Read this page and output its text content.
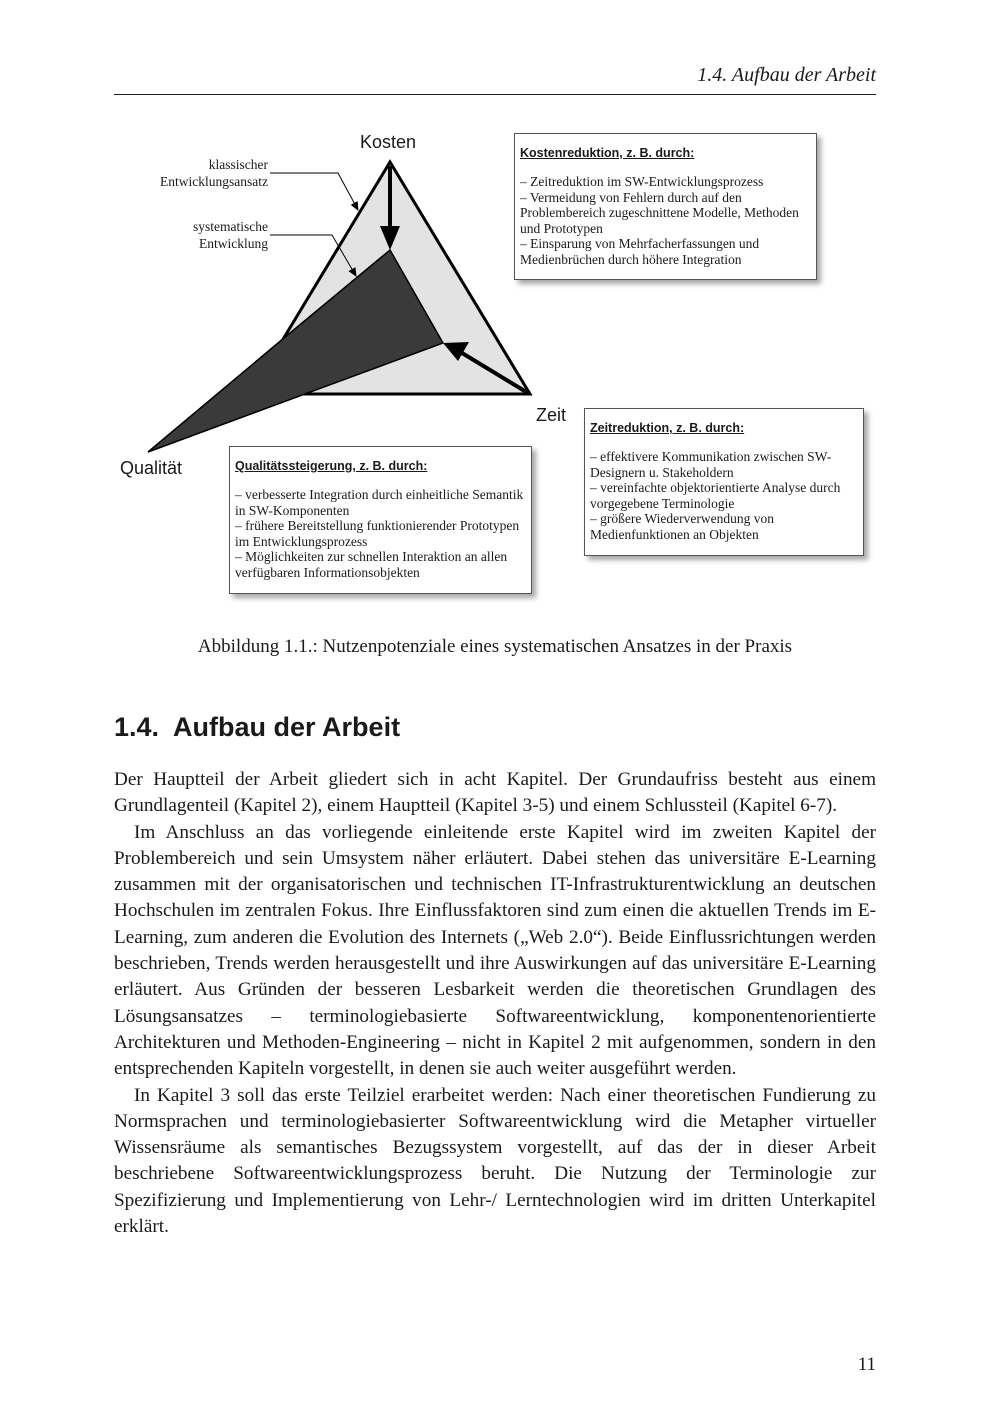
1.4. Aufbau der Arbeit
Kosten
Zeit
Qualität
klassischer
Entwicklungsansatz
systematische
Entwicklung
Kostenreduktion, z. B. durch:
– Zeitreduktion im SW-Entwicklungsprozess
– Vermeidung von Fehlern durch auf den Problembereich zugeschnittene Modelle, Methoden und Prototypen
– Einsparung von Mehrfacherfassungen und Medienbrüchen durch höhere Integration
Zeitreduktion, z. B. durch:
– effektivere Kommunikation zwischen SW-Designern u. Stakeholdern
– vereinfachte objektorientierte Analyse durch vorgegebene Terminologie
– größere Wiederverwendung von Medienfunktionen an Objekten
Qualitätssteigerung, z. B. durch:
– verbesserte Integration durch einheitliche Semantik in SW-Komponenten
– frühere Bereitstellung funktionierender Prototypen im Entwicklungsprozess
– Möglichkeiten zur schnellen Interaktion an allen verfügbaren Informationsobjekten
Abbildung 1.1.: Nutzenpotenziale eines systematischen Ansatzes in der Praxis
1.4. Aufbau der Arbeit

Der Hauptteil der Arbeit gliedert sich in acht Kapitel. Der Grundaufriss besteht aus einem Grundlagenteil (Kapitel 2), einem Hauptteil (Kapitel 3-5) und einem Schlussteil (Kapitel 6-7).

Im Anschluss an das vorliegende einleitende erste Kapitel wird im zweiten Kapitel der Problembereich und sein Umsystem näher erläutert. Dabei stehen das universitäre E-Learning zusammen mit der organisatorischen und technischen IT-Infrastrukturentwicklung an deutschen Hochschulen im zentralen Fokus. Ihre Einflussfaktoren sind zum einen die aktuellen Trends im E-Learning, zum anderen die Evolution des Internets („Web 2.0“). Beide Einflussrichtungen werden beschrieben, Trends werden herausgestellt und ihre Auswirkungen auf das universitäre E-Learning erläutert. Aus Gründen der besseren Lesbarkeit werden die theoretischen Grundlagen des Lösungsansatzes – terminologiebasierte Softwareentwicklung, komponentenorientierte Architekturen und Methoden-Engineering – nicht in Kapitel 2 mit aufgenommen, sondern in den entsprechenden Kapiteln vorgestellt, in denen sie auch weiter ausgeführt werden.

In Kapitel 3 soll das erste Teilziel erarbeitet werden: Nach einer theoretischen Fundierung zu Normsprachen und terminologiebasierter Softwareentwicklung wird die Metapher virtueller Wissensräume als semantisches Bezugssystem vorgestellt, auf das der in dieser Arbeit beschriebene Softwareentwicklungsprozess beruht. Die Nutzung der Terminologie zur Spezifizierung und Implementierung von Lehr-/ Lerntechnologien wird im dritten Unterkapitel erklärt.

11
